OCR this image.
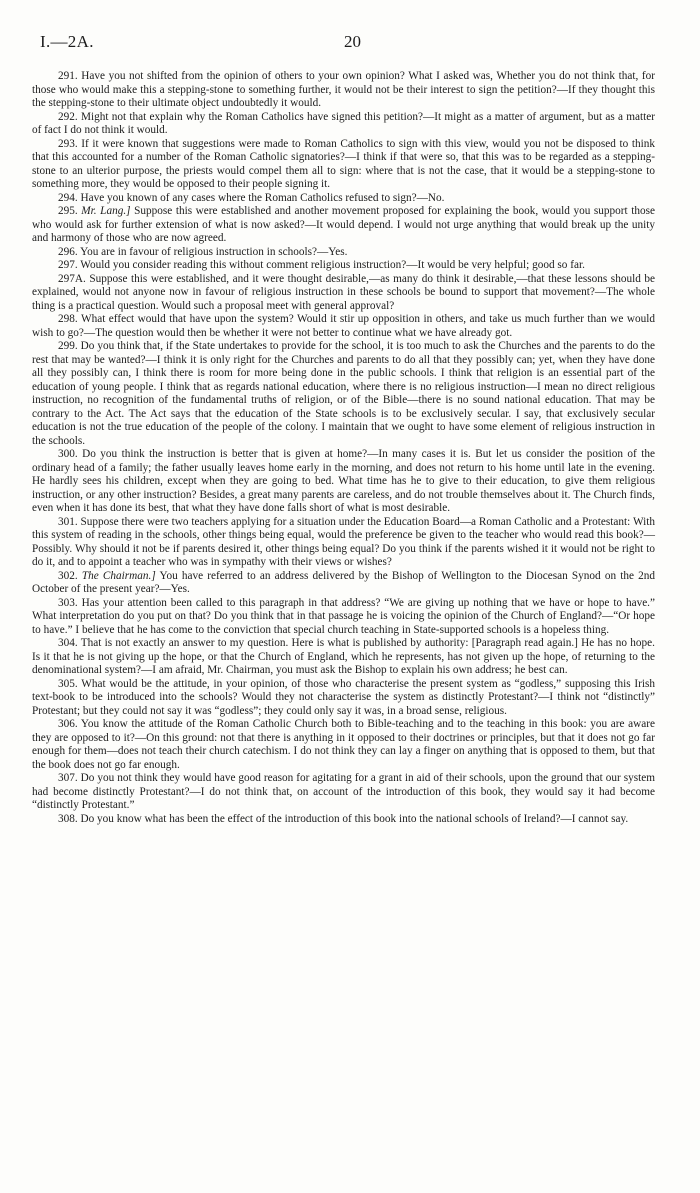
I.—2A.	20

291. Have you not shifted from the opinion of others to your own opinion? What I asked was, Whether you do not think that, for those who would make this a stepping-stone to something further, it would not be their interest to sign the petition?—If they thought this the stepping-stone to their ultimate object undoubtedly it would.

292. Might not that explain why the Roman Catholics have signed this petition?—It might as a matter of argument, but as a matter of fact I do not think it would.

293. If it were known that suggestions were made to Roman Catholics to sign with this view, would you not be disposed to think that this accounted for a number of the Roman Catholic signatories?—I think if that were so, that this was to be regarded as a stepping-stone to an ulterior purpose, the priests would compel them all to sign: where that is not the case, that it would be a stepping-stone to something more, they would be opposed to their people signing it.

294. Have you known of any cases where the Roman Catholics refused to sign?—No.

295. Mr. Lang.] Suppose this were established and another movement proposed for explaining the book, would you support those who would ask for further extension of what is now asked?—It would depend. I would not urge anything that would break up the unity and harmony of those who are now agreed.

296. You are in favour of religious instruction in schools?—Yes.

297. Would you consider reading this without comment religious instruction?—It would be very helpful; good so far.

297A. Suppose this were established, and it were thought desirable,—as many do think it desirable,—that these lessons should be explained, would not anyone now in favour of religious instruction in these schools be bound to support that movement?—The whole thing is a practical question. Would such a proposal meet with general approval?

298. What effect would that have upon the system? Would it stir up opposition in others, and take us much further than we would wish to go?—The question would then be whether it were not better to continue what we have already got.

299. Do you think that, if the State undertakes to provide for the school, it is too much to ask the Churches and the parents to do the rest that may be wanted?—I think it is only right for the Churches and parents to do all that they possibly can; yet, when they have done all they possibly can, I think there is room for more being done in the public schools. I think that religion is an essential part of the education of young people. I think that as regards national education, where there is no religious instruction—I mean no direct religious instruction, no recognition of the fundamental truths of religion, or of the Bible—there is no sound national education. That may be contrary to the Act. The Act says that the education of the State schools is to be exclusively secular. I say, that exclusively secular education is not the true education of the people of the colony. I maintain that we ought to have some element of religious instruction in the schools.

300. Do you think the instruction is better that is given at home?—In many cases it is. But let us consider the position of the ordinary head of a family; the father usually leaves home early in the morning, and does not return to his home until late in the evening. He hardly sees his children, except when they are going to bed. What time has he to give to their education, to give them religious instruction, or any other instruction? Besides, a great many parents are careless, and do not trouble themselves about it. The Church finds, even when it has done its best, that what they have done falls short of what is most desirable.

301. Suppose there were two teachers applying for a situation under the Education Board—a Roman Catholic and a Protestant: With this system of reading in the schools, other things being equal, would the preference be given to the teacher who would read this book?—Possibly. Why should it not be if parents desired it, other things being equal? Do you think if the parents wished it it would not be right to do it, and to appoint a teacher who was in sympathy with their views or wishes?

302. The Chairman.] You have referred to an address delivered by the Bishop of Wellington to the Diocesan Synod on the 2nd October of the present year?—Yes.

303. Has your attention been called to this paragraph in that address? “We are giving up nothing that we have or hope to have.” What interpretation do you put on that? Do you think that in that passage he is voicing the opinion of the Church of England?—“Or hope to have.” I believe that he has come to the conviction that special church teaching in State-supported schools is a hopeless thing.

304. That is not exactly an answer to my question. Here is what is published by authority: [Paragraph read again.] He has no hope. Is it that he is not giving up the hope, or that the Church of England, which he represents, has not given up the hope, of returning to the denominational system?—I am afraid, Mr. Chairman, you must ask the Bishop to explain his own address; he best can.

305. What would be the attitude, in your opinion, of those who characterise the present system as “godless,” supposing this Irish text-book to be introduced into the schools? Would they not characterise the system as distinctly Protestant?—I think not “distinctly” Protestant; but they could not say it was “godless”; they could only say it was, in a broad sense, religious.

306. You know the attitude of the Roman Catholic Church both to Bible-teaching and to the teaching in this book: you are aware they are opposed to it?—On this ground: not that there is anything in it opposed to their doctrines or principles, but that it does not go far enough for them—does not teach their church catechism. I do not think they can lay a finger on anything that is opposed to them, but that the book does not go far enough.

307. Do you not think they would have good reason for agitating for a grant in aid of their schools, upon the ground that our system had become distinctly Protestant?—I do not think that, on account of the introduction of this book, they would say it had become “distinctly Protestant.”

308. Do you know what has been the effect of the introduction of this book into the national schools of Ireland?—I cannot say.
